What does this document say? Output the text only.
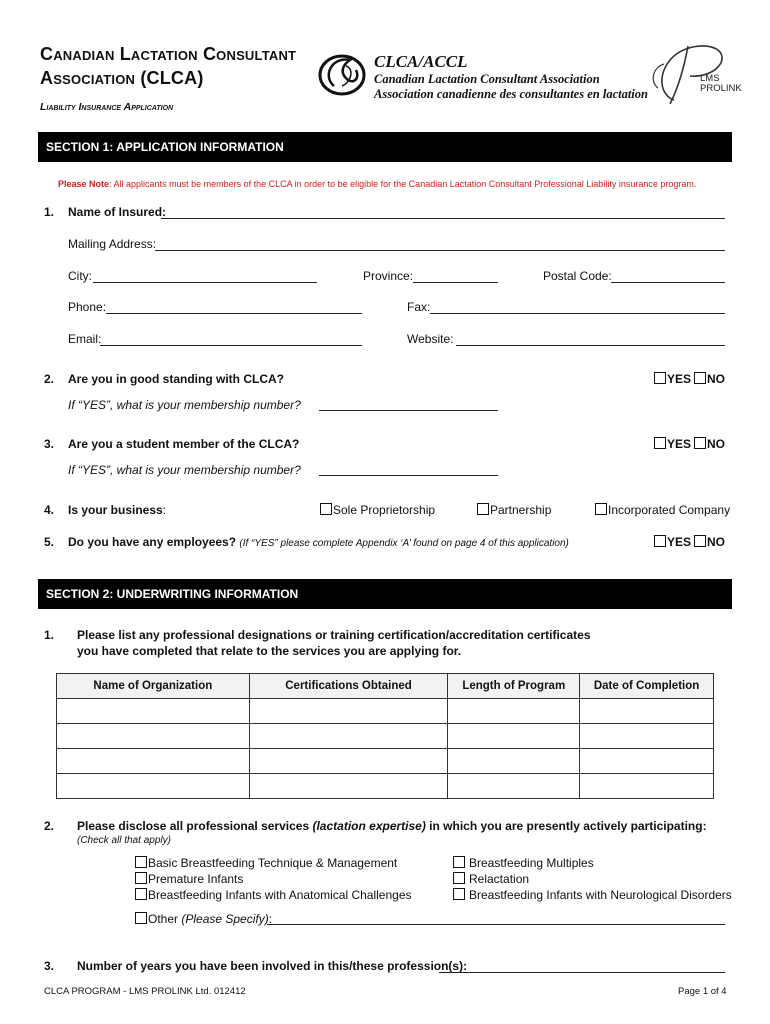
Canadian Lactation Consultant
Association (CLCA)
Liability Insurance Application
CLCA/ACCL
Canadian Lactation Consultant Association
Association canadienne des consultantes en lactation
LMS
PROLINK
SECTION 1: APPLICATION INFORMATION
Please Note: All applicants must be members of the CLCA in order to be eligible for the Canadian Lactation Consultant Professional Liability insurance program.
1. Name of Insured:
Mailing Address:
City:	Province:	Postal Code:
Phone:	Fax:
Email:	Website:
2. Are you in good standing with CLCA?	YES	NO
If “YES”, what is your membership number?
3. Are you a student member of the CLCA?	YES	NO
If “YES”, what is your membership number?
4. Is your business:	Sole Proprietorship	Partnership	Incorporated Company
5. Do you have any employees? (If “YES” please complete Appendix ‘A’ found on page 4 of this application)	YES	NO
SECTION 2: UNDERWRITING INFORMATION
1. Please list any professional designations or training certification/accreditation certificates
you have completed that relate to the services you are applying for.
Name of Organization	Certifications Obtained	Length of Program	Date of Completion

2. Please disclose all professional services (lactation expertise) in which you are presently actively participating:
(Check all that apply)
Basic Breastfeeding Technique & Management
Premature Infants
Breastfeeding Infants with Anatomical Challenges
Breastfeeding Multiples
Relactation
Breastfeeding Infants with Neurological Disorders
Other (Please Specify):
3. Number of years you have been involved in this/these profession(s):
CLCA PROGRAM - LMS PROLINK Ltd. 012412	Page 1 of 4
